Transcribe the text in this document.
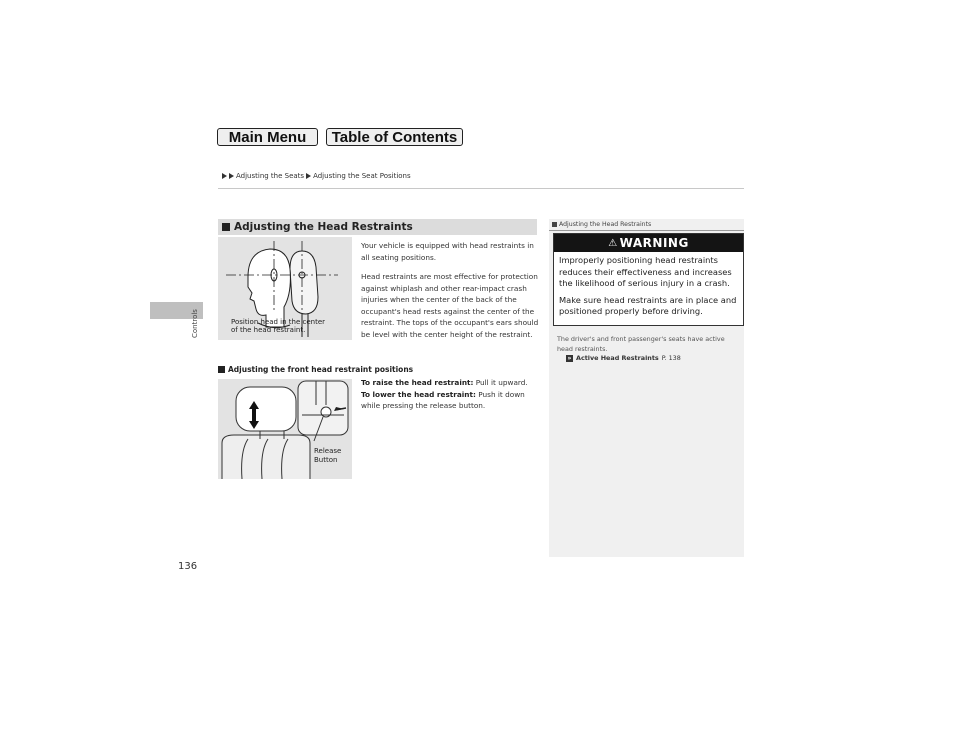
Main Menu	Table of Contents
Adjusting the Seats Adjusting the Seat Positions
Controls
136
Adjusting the Head Restraints
Position head in the center
of the head restraint.

Your vehicle is equipped with head restraints in all seating positions.

Head restraints are most effective for protection against whiplash and other rear-impact crash injuries when the center of the back of the occupant's head rests against the center of the restraint. The tops of the occupant's ears should be level with the center height of the restraint.

Adjusting the front head restraint positions
To raise the head restraint: Pull it upward.
To lower the head restraint: Push it down while pressing the release button.
Release
Button
Adjusting the Head Restraints
⚠ WARNING

Improperly positioning head restraints reduces their effectiveness and increases the likelihood of serious injury in a crash.

Make sure head restraints are in place and positioned properly before driving.

The driver's and front passenger's seats have active head restraints.
» Active Head Restraints P. 138
